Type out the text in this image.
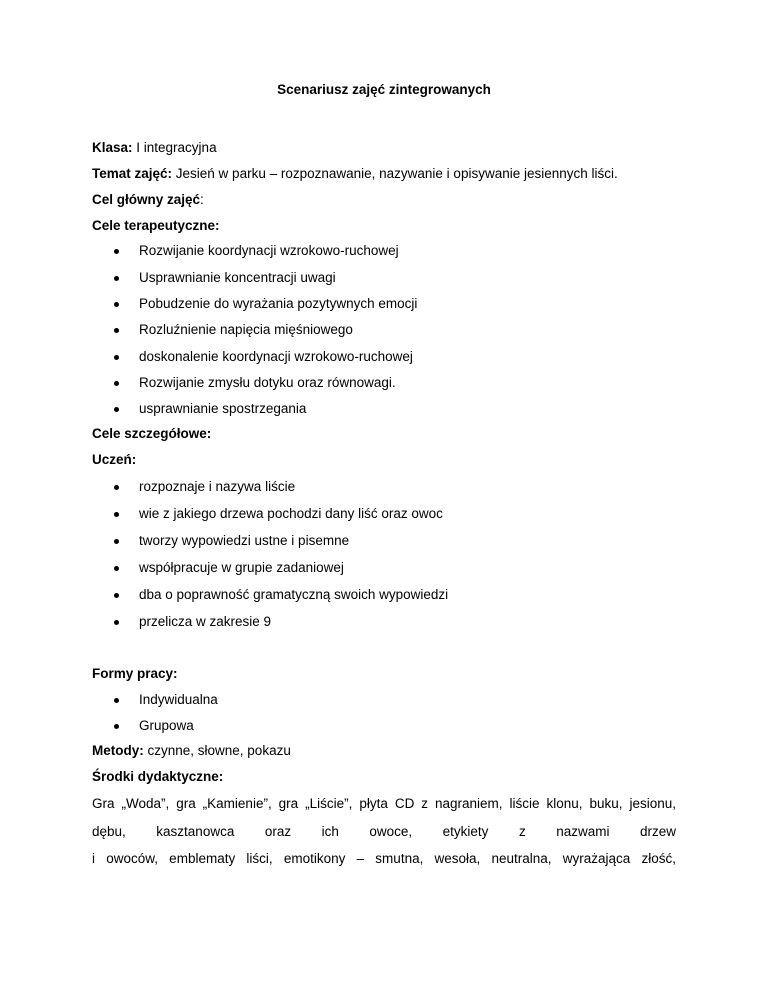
Scenariusz zajęć zintegrowanych
Klasa: I integracyjna
Temat zajęć: Jesień w parku – rozpoznawanie, nazywanie i opisywanie jesiennych liści.
Cel główny zajęć:
Cele terapeutyczne:
Rozwijanie koordynacji wzrokowo-ruchowej
Usprawnianie koncentracji uwagi
Pobudzenie do wyrażania pozytywnych emocji
Rozluźnienie napięcia mięśniowego
doskonalenie koordynacji wzrokowo-ruchowej
Rozwijanie zmysłu dotyku oraz równowagi.
usprawnianie spostrzegania
Cele szczegółowe:
Uczeń:
rozpoznaje i nazywa liście
wie z jakiego drzewa pochodzi dany liść oraz owoc
tworzy wypowiedzi ustne i pisemne
współpracuje w grupie zadaniowej
dba o poprawność gramatyczną swoich wypowiedzi
przelicza w zakresie 9
Formy pracy:
Indywidualna
Grupowa
Metody: czynne, słowne, pokazu
Środki dydaktyczne:
Gra „Woda”, gra „Kamienie”, gra „Liście”, płyta CD z nagraniem, liście klonu, buku, jesionu,
dębu, kasztanowca oraz ich owoce, etykiety z nazwami drzew
i owoców, emblematy liści, emotikony – smutna, wesoła, neutralna, wyrażająca złość,
